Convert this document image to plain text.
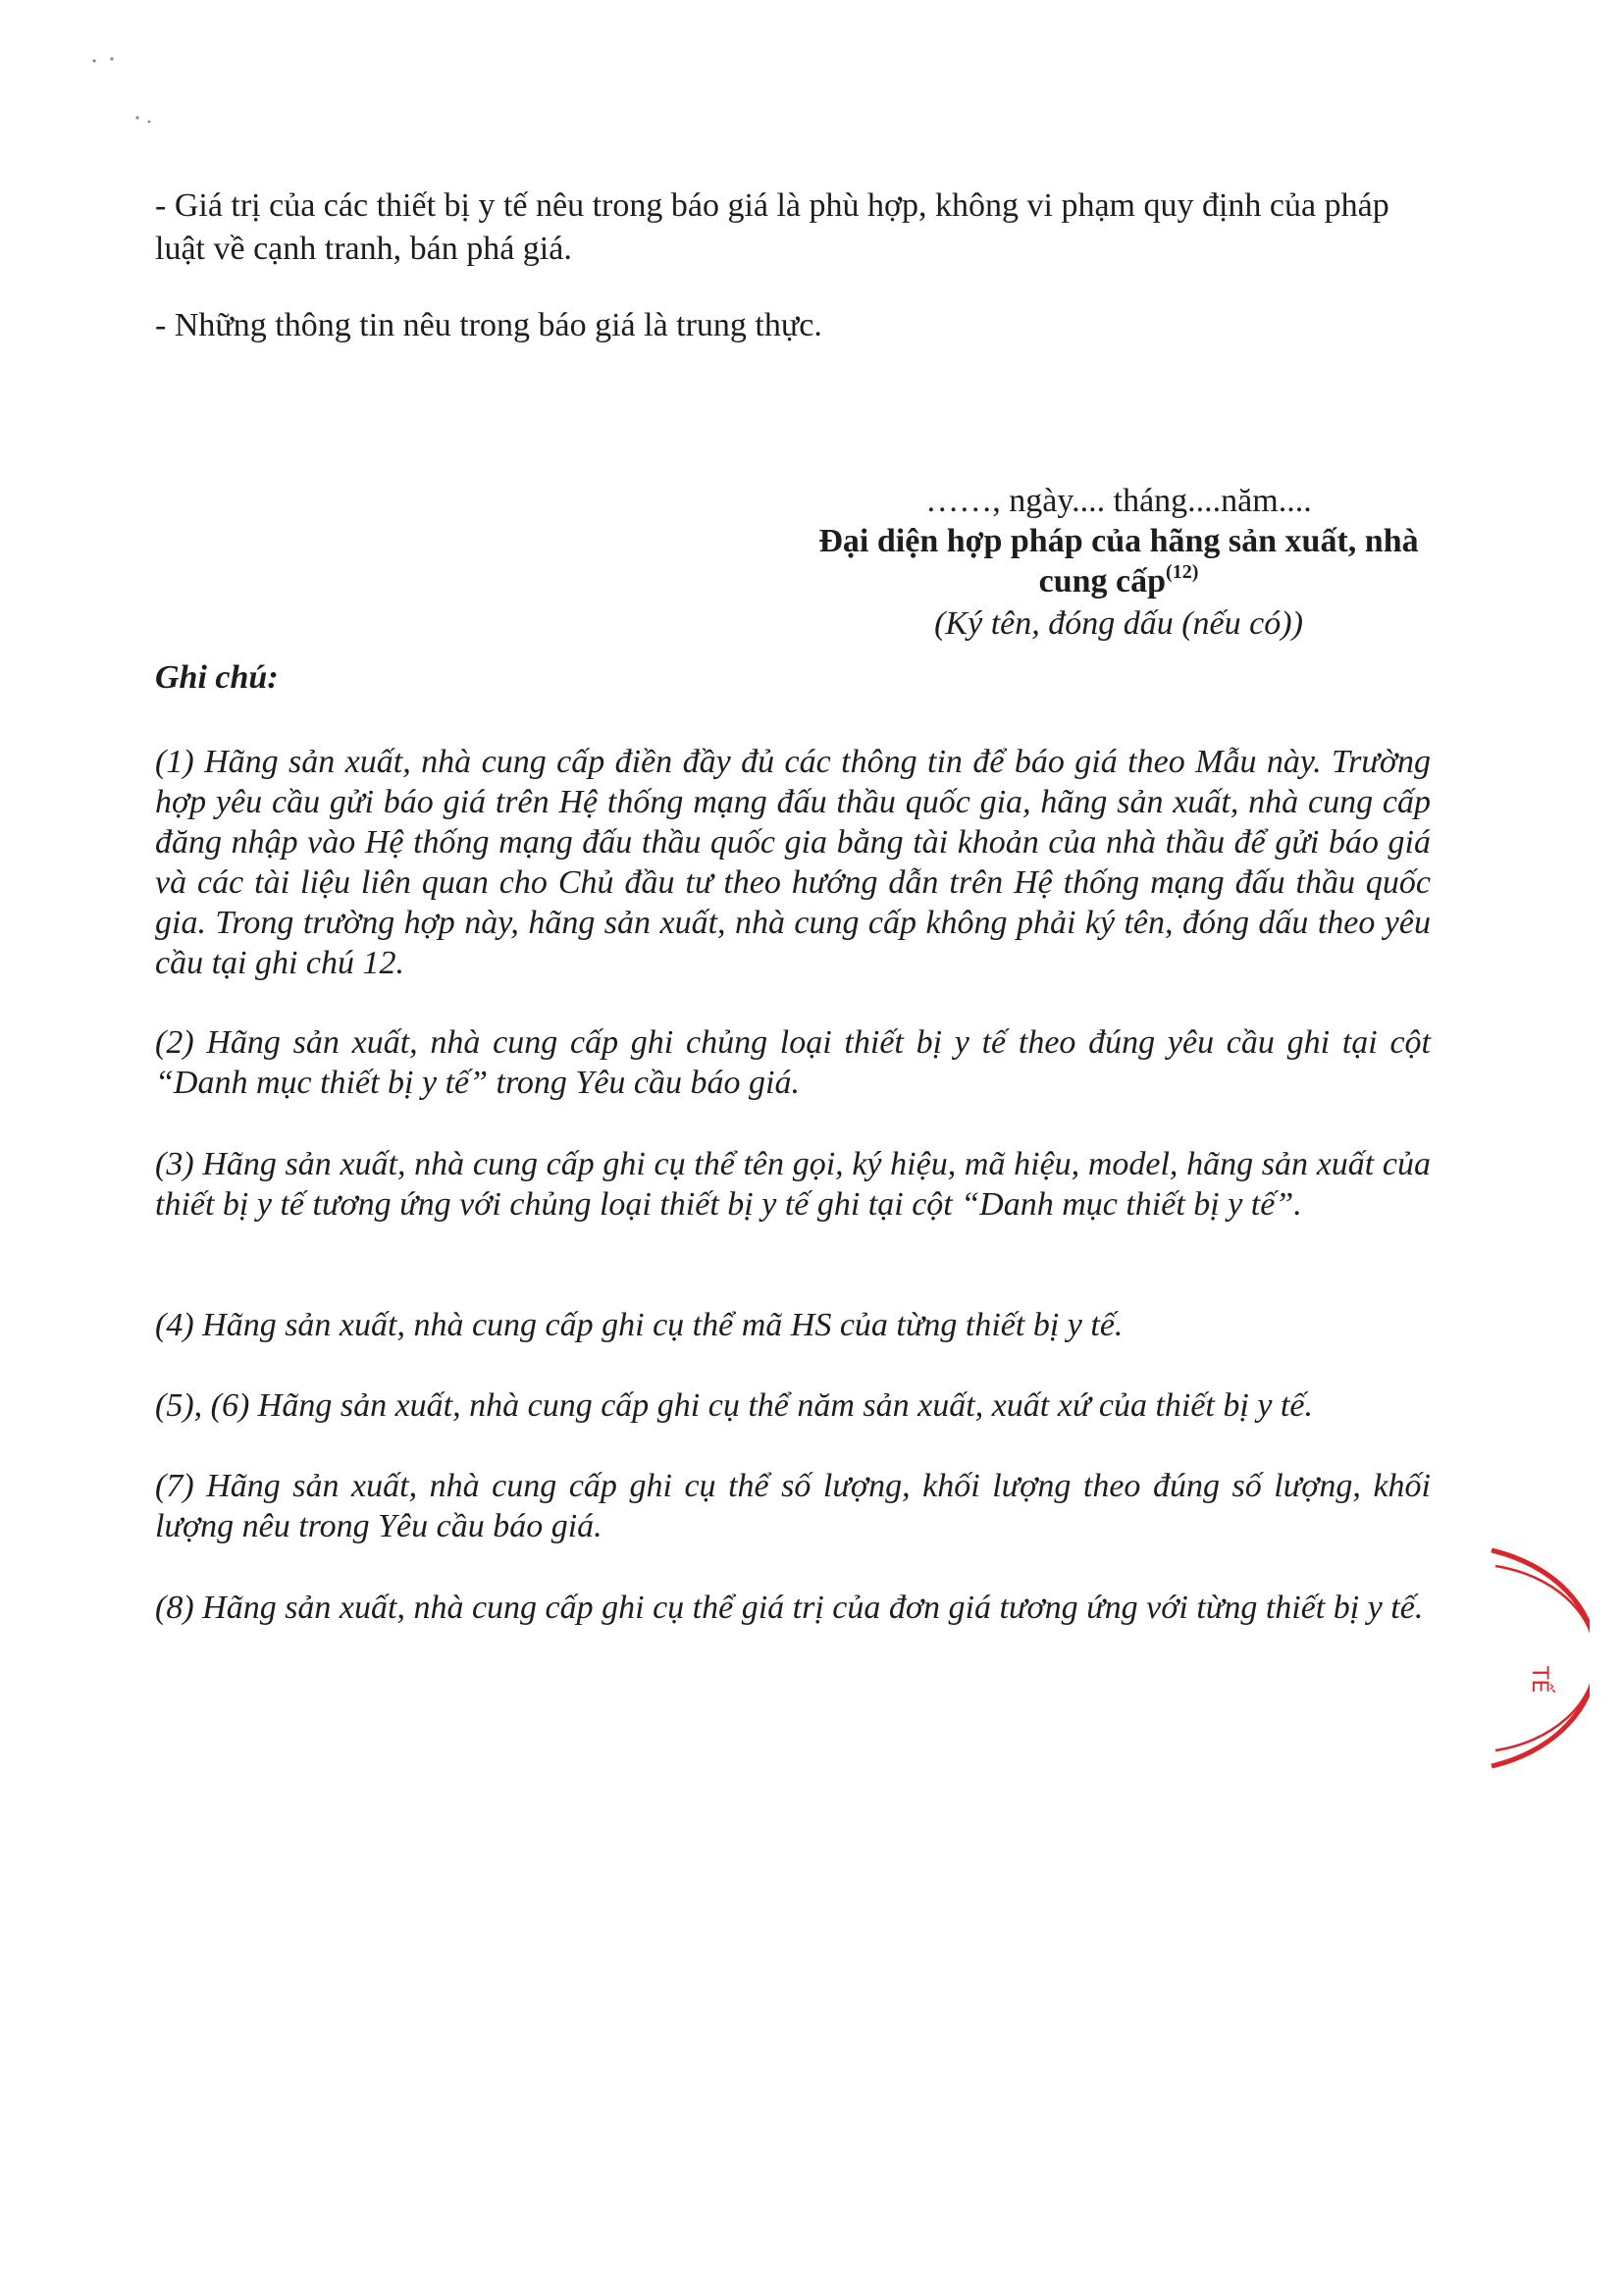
- Giá trị của các thiết bị y tế nêu trong báo giá là phù hợp, không vi phạm quy định của pháp luật về cạnh tranh, bán phá giá.

- Những thông tin nêu trong báo giá là trung thực.

……, ngày.... tháng....năm....
Đại diện hợp pháp của hãng sản xuất, nhà cung cấp$^{(12)}$
(Ký tên, đóng dấu (nếu có))

Ghi chú:

(1) Hãng sản xuất, nhà cung cấp điền đầy đủ các thông tin để báo giá theo Mẫu này. Trường hợp yêu cầu gửi báo giá trên Hệ thống mạng đấu thầu quốc gia, hãng sản xuất, nhà cung cấp đăng nhập vào Hệ thống mạng đấu thầu quốc gia bằng tài khoản của nhà thầu để gửi báo giá và các tài liệu liên quan cho Chủ đầu tư theo hướng dẫn trên Hệ thống mạng đấu thầu quốc gia. Trong trường hợp này, hãng sản xuất, nhà cung cấp không phải ký tên, đóng dấu theo yêu cầu tại ghi chú 12.

(2) Hãng sản xuất, nhà cung cấp ghi chủng loại thiết bị y tế theo đúng yêu cầu ghi tại cột “Danh mục thiết bị y tế” trong Yêu cầu báo giá.

(3) Hãng sản xuất, nhà cung cấp ghi cụ thể tên gọi, ký hiệu, mã hiệu, model, hãng sản xuất của thiết bị y tế tương ứng với chủng loại thiết bị y tế ghi tại cột “Danh mục thiết bị y tế”.

(4) Hãng sản xuất, nhà cung cấp ghi cụ thể mã HS của từng thiết bị y tế.

(5), (6) Hãng sản xuất, nhà cung cấp ghi cụ thể năm sản xuất, xuất xứ của thiết bị y tế.

(7) Hãng sản xuất, nhà cung cấp ghi cụ thể số lượng, khối lượng theo đúng số lượng, khối lượng nêu trong Yêu cầu báo giá.

(8) Hãng sản xuất, nhà cung cấp ghi cụ thể giá trị của đơn giá tương ứng với từng thiết bị y tế.

TẾ
